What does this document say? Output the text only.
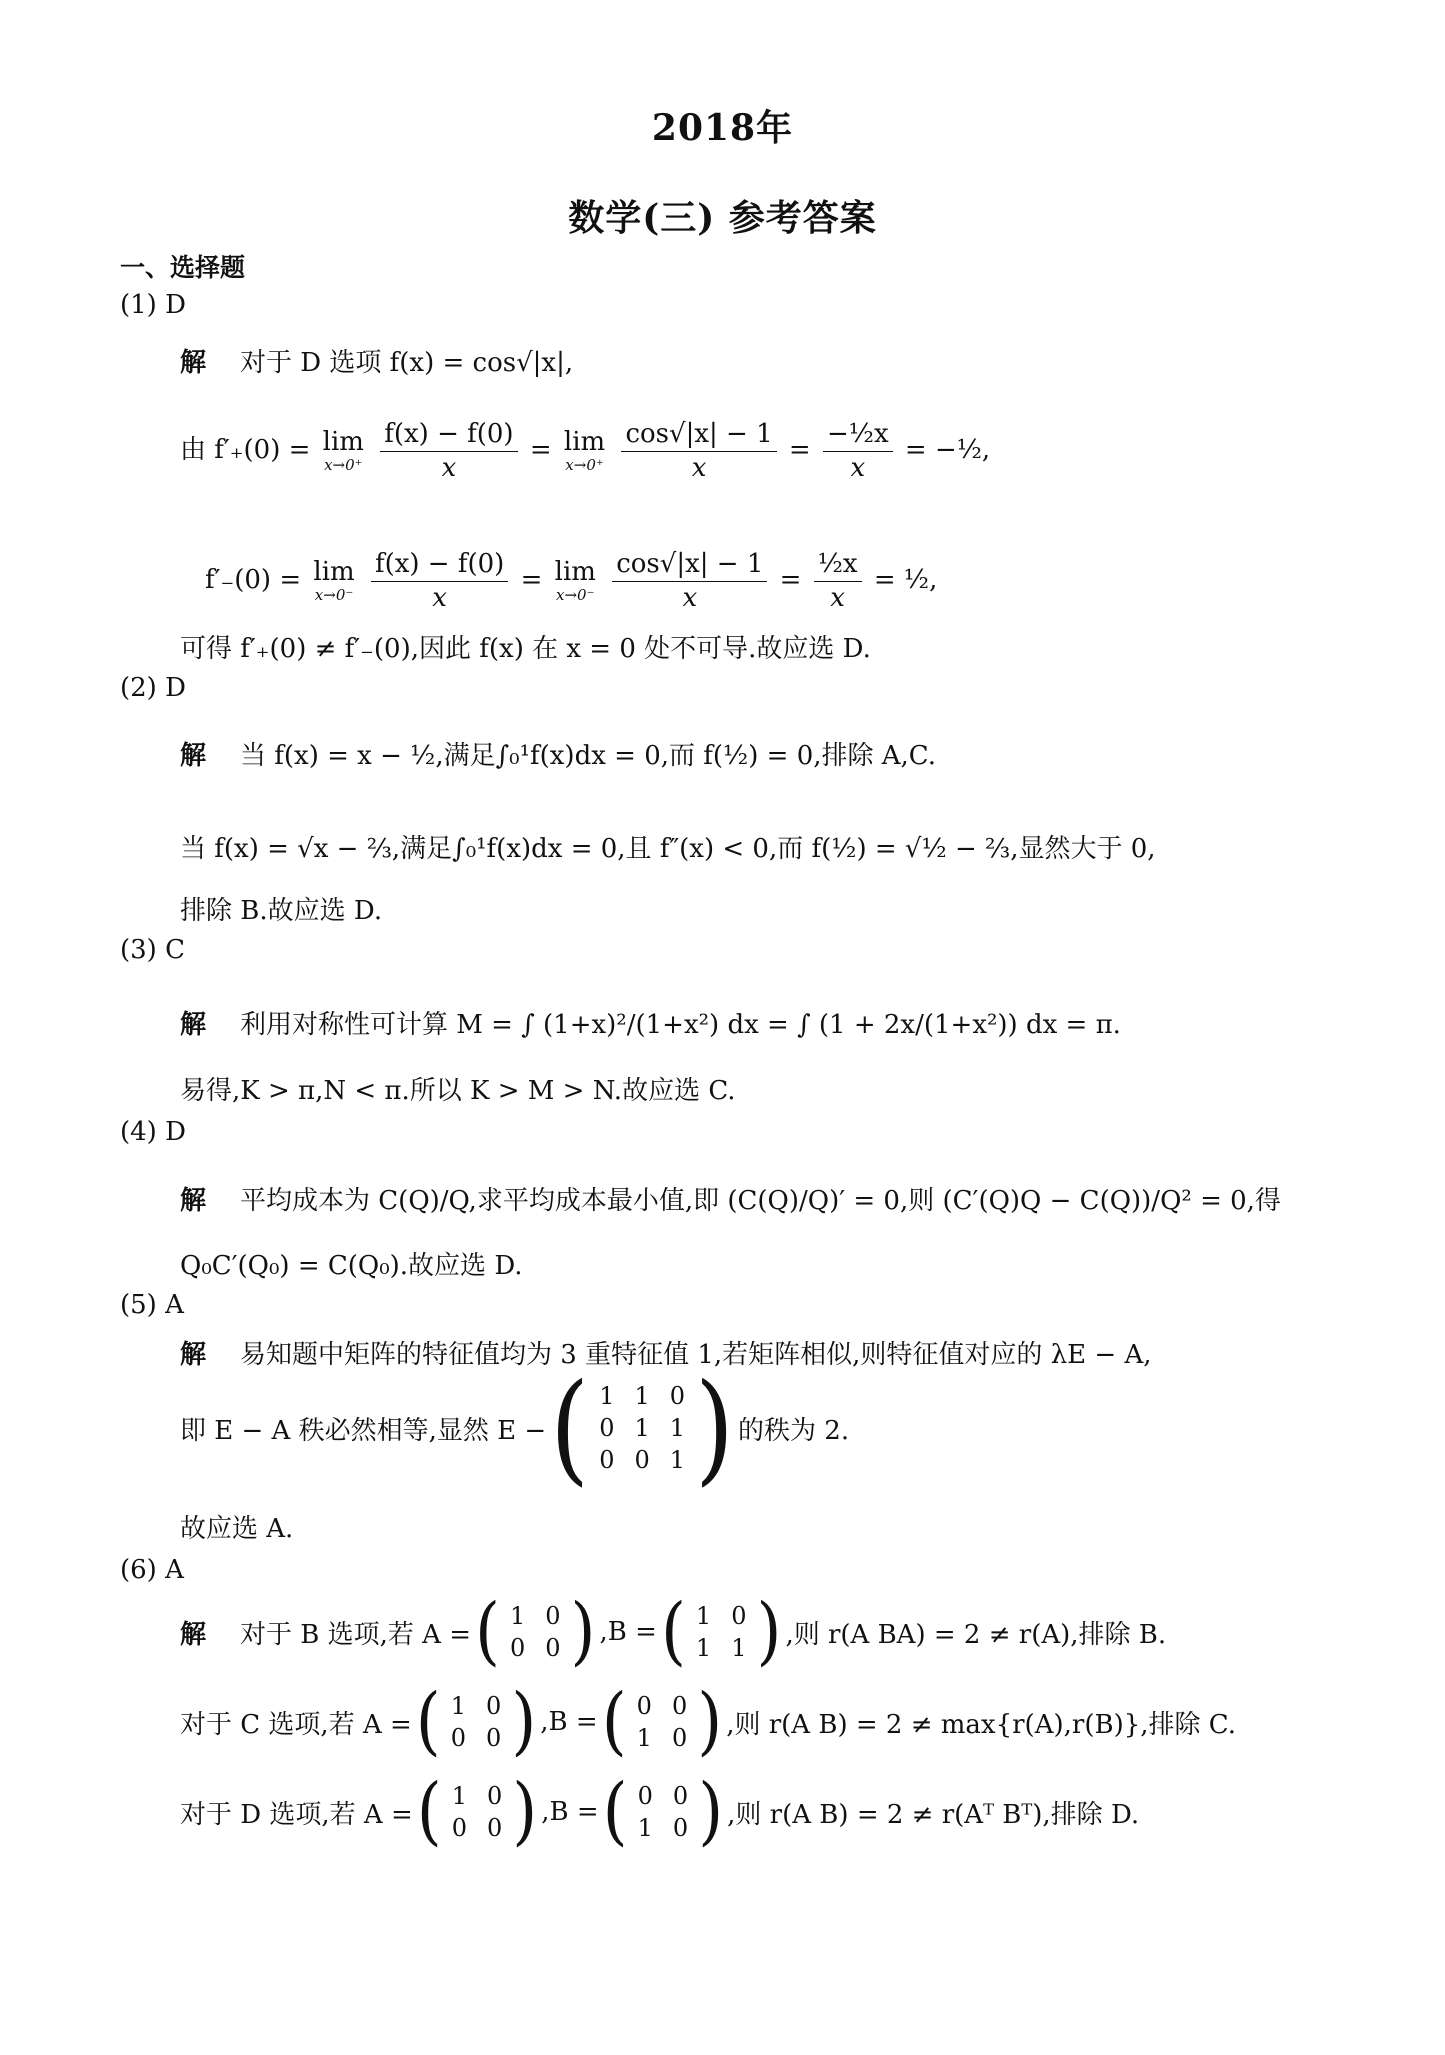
2018年
数学(三) 参考答案
一、选择题
(1) D
解 对于 D 选项 f(x) = cos√|x|,
由 f′₊(0) = lim
x→0⁺
$\frac{f(x) - f(0)}{x} = \lim$
x→0⁺
$\frac{\cos√|x| - 1}{x} = \frac{\text{−½x}}{x}$ = −½,
f′₋(0) = lim
x→0⁻
$\frac{f(x) - f(0)}{x} = \lim$
x→0⁻
$\frac{\cos√|x| - 1}{x} = \frac{\text{½x}}{x}$ = ½,
可得 f′₊(0) ≠ f′₋(0),因此 f(x) 在 x = 0 处不可导.故应选 D.
(2) D
解 当 f(x) = x − ½,满足∫₀¹f(x)dx = 0,而 f(½) = 0,排除 A,C.
当 f(x) = √x − ⅔,满足∫₀¹f(x)dx = 0,且 f″(x) < 0,而 f(½) = √½ − ⅔,显然大于 0,
排除 B.故应选 D.
(3) C
解 利用对称性可计算 M = ∫ (1+x)²/(1+x²) dx = ∫ (1 + 2x/(1+x²)) dx = π.
易得,K > π,N < π.所以 K > M > N.故应选 C.
(4) D
解 平均成本为 C(Q)/Q,求平均成本最小值,即 (C(Q)/Q)′ = 0,则 (C′(Q)Q − C(Q))/Q² = 0,得
Q₀C′(Q₀) = C(Q₀).故应选 D.
(5) A
解 易知题中矩阵的特征值均为 3 重特征值 1,若矩阵相似,则特征值对应的 λE − A,
即 E − A 秩必然相等,显然 E − ( 1	1	0
0	1	1
0	0	1 ) 的秩为 2.
故应选 A.
(6) A
解 对于 B 选项,若 A = ( 1	0
0	0 ) ,B = ( 1	0
1	1 ) ,则 r(A BA) = 2 ≠ r(A),排除 B.
对于 C 选项,若 A = ( 1	0
0	0 ) ,B = ( 0	0
1	0 ) ,则 r(A B) = 2 ≠ max{r(A),r(B)},排除 C.
对于 D 选项,若 A = ( 1	0
0	0 ) ,B = ( 0	0
1	0 ) ,则 r(A B) = 2 ≠ r(Aᵀ Bᵀ),排除 D.
